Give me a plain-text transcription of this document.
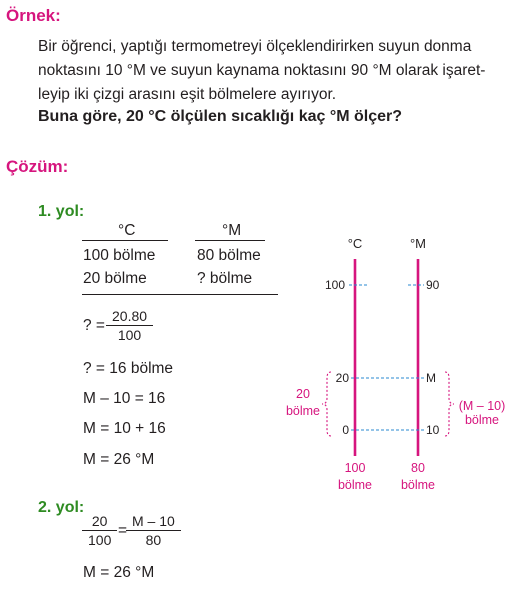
Örnek:
Bir öğrenci, yaptığı termometreyi ölçeklendirirken suyun donma
noktasını 10 °M ve suyun kaynama noktasını 90 °M olarak işaret-
leyip iki çizgi arasını eşit bölmelere ayırıyor.
Buna göre, 20 °C ölçülen sıcaklığı kaç °M ölçer?
Çözüm:
1. yol:
°C	°M
100 bölme	80 bölme
20 bölme	? bölme
? =
20.80
100
? = 16 bölme
M – 10 = 16
M = 10 + 16
M = 26 °M
2. yol:
20
100
=
M – 10
80
M = 26 °M
°C	°M
100
20
0
90
M
10
20
bölme	(M – 10)
bölme
100
bölme
80
bölme
